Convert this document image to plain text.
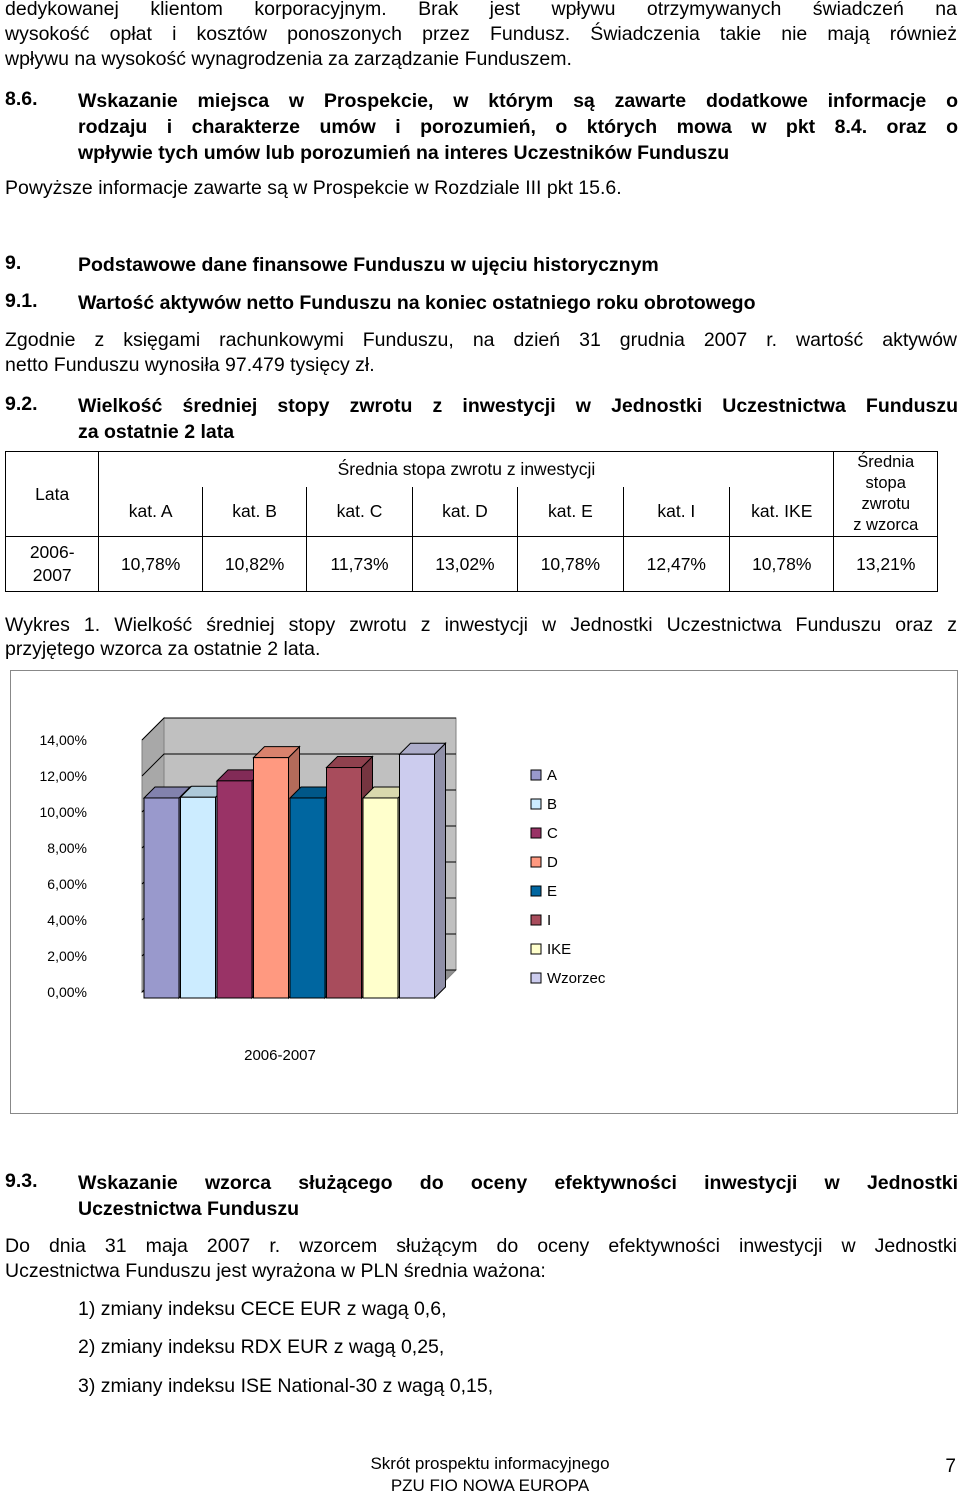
dedykowanej klientom korporacyjnym. Brak jest wpływu otrzymywanych świadczeń na
wysokość opłat i kosztów ponoszonych przez Fundusz. Świadczenia takie nie mają również
wpływu na wysokość wynagrodzenia za zarządzanie Funduszem.
8.6. Wskazanie miejsca w Prospekcie, w którym są zawarte dodatkowe informacje o
rodzaju i charakterze umów i porozumień, o których mowa w pkt 8.4. oraz o
wpływie tych umów lub porozumień na interes Uczestników Funduszu
Powyższe informacje zawarte są w Prospekcie w Rozdziale III pkt 15.6.
9.	Podstawowe dane finansowe Funduszu w ujęciu historycznym
9.1. Wartość aktywów netto Funduszu na koniec ostatniego roku obrotowego
Zgodnie z księgami rachunkowymi Funduszu, na dzień 31 grudnia 2007 r. wartość aktywów
netto Funduszu wynosiła 97.479 tysięcy zł.
9.2. Wielkość średniej stopy zwrotu z inwestycji w Jednostki Uczestnictwa Funduszu
za ostatnie 2 lata
Lata	Średnia stopa zwrotu z inwestycji							Średnia
stopa
zwrotu
z wzorca

	kat. A	kat. B	kat. C	kat. D	kat. E	kat. I	kat. IKE	

2006-
2007	10,78%	10,82%	11,73%	13,02%	10,78%	12,47%	10,78%	13,21%
Wykres 1. Wielkość średniej stopy zwrotu z inwestycji w Jednostki Uczestnictwa Funduszu oraz z
przyjętego wzorca za ostatnie 2 lata.
0,00%
2,00%
4,00%
6,00%
8,00%
10,00%
12,00%
14,00%
2006-2007
A
B
C
D
E
I
IKE
Wzorzec
9.3. Wskazanie wzorca służącego do oceny efektywności inwestycji w Jednostki
Uczestnictwa Funduszu
Do dnia 31 maja 2007 r. wzorcem służącym do oceny efektywności inwestycji w Jednostki
Uczestnictwa Funduszu jest wyrażona w PLN średnia ważona:
1) zmiany indeksu CECE EUR z wagą 0,6,
2) zmiany indeksu RDX EUR z wagą 0,25,
3) zmiany indeksu ISE National-30 z wagą 0,15,
Skrót prospektu informacyjnego
PZU FIO NOWA EUROPA
7
